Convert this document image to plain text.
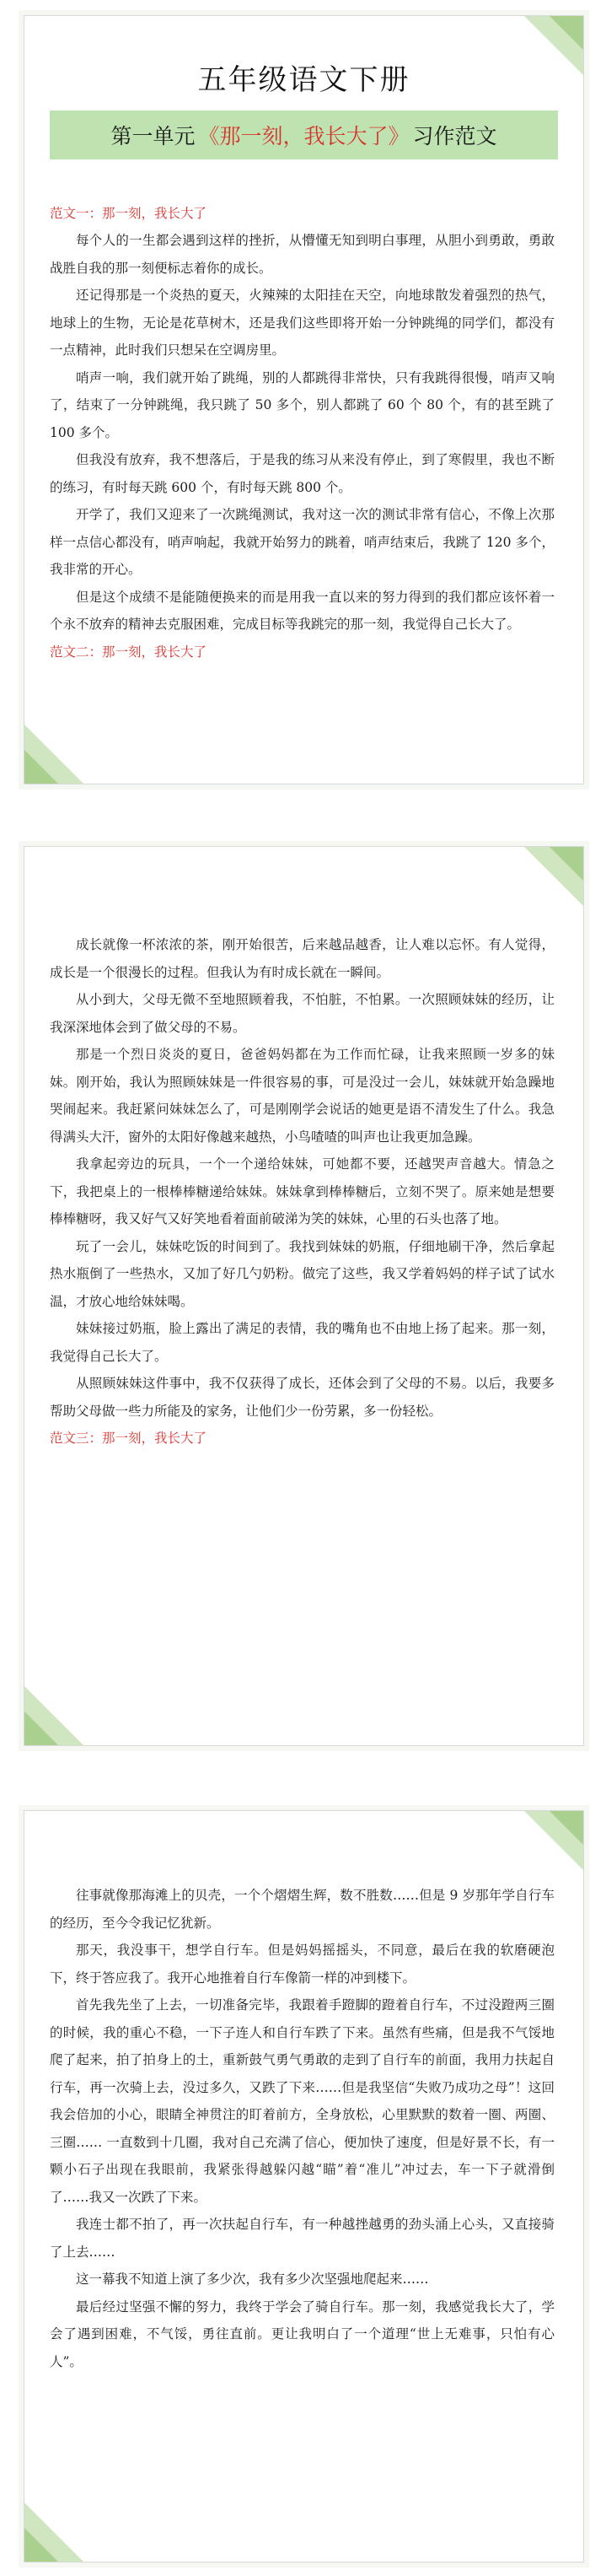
五年级语文下册
第一单元 《那一刻，我长大了》 习作范文

范文一：那一刻，我长大了

每个人的一生都会遇到这样的挫折，从懵懂无知到明白事理，从胆小到勇敢，勇敢战胜自我的那一刻便标志着你的成长。

还记得那是一个炎热的夏天，火辣辣的太阳挂在天空，向地球散发着强烈的热气，地球上的生物，无论是花草树木，还是我们这些即将开始一分钟跳绳的同学们，都没有一点精神，此时我们只想呆在空调房里。

哨声一响，我们就开始了跳绳，别的人都跳得非常快，只有我跳得很慢，哨声又响了，结束了一分钟跳绳，我只跳了 50 多个，别人都跳了 60 个 80 个，有的甚至跳了 100 多个。

但我没有放弃，我不想落后，于是我的练习从来没有停止，到了寒假里，我也不断的练习，有时每天跳 600 个，有时每天跳 800 个。

开学了，我们又迎来了一次跳绳测试，我对这一次的测试非常有信心，不像上次那样一点信心都没有，哨声响起，我就开始努力的跳着，哨声结束后，我跳了 120 多个，我非常的开心。

但是这个成绩不是能随便换来的而是用我一直以来的努力得到的我们都应该怀着一个永不放弃的精神去克服困难，完成目标等我跳完的那一刻，我觉得自己长大了。

范文二：那一刻，我长大了

成长就像一杯浓浓的茶，刚开始很苦，后来越品越香，让人难以忘怀。有人觉得，成长是一个很漫长的过程。但我认为有时成长就在一瞬间。

从小到大，父母无微不至地照顾着我，不怕脏，不怕累。一次照顾妹妹的经历，让我深深地体会到了做父母的不易。

那是一个烈日炎炎的夏日，爸爸妈妈都在为工作而忙碌，让我来照顾一岁多的妹妹。刚开始，我认为照顾妹妹是一件很容易的事，可是没过一会儿，妹妹就开始急躁地哭闹起来。我赶紧问妹妹怎么了，可是刚刚学会说话的她更是语不清发生了什么。我急得满头大汗，窗外的太阳好像越来越热，小鸟喳喳的叫声也让我更加急躁。

我拿起旁边的玩具，一个一个递给妹妹，可她都不要，还越哭声音越大。情急之下，我把桌上的一根棒棒糖递给妹妹。妹妹拿到棒棒糖后，立刻不哭了。原来她是想要棒棒糖呀，我又好气又好笑地看着面前破涕为笑的妹妹，心里的石头也落了地。

玩了一会儿，妹妹吃饭的时间到了。我找到妹妹的奶瓶，仔细地刷干净，然后拿起热水瓶倒了一些热水，又加了好几勺奶粉。做完了这些，我又学着妈妈的样子试了试水温，才放心地给妹妹喝。

妹妹接过奶瓶，脸上露出了满足的表情，我的嘴角也不由地上扬了起来。那一刻，我觉得自己长大了。

从照顾妹妹这件事中，我不仅获得了成长，还体会到了父母的不易。以后，我要多帮助父母做一些力所能及的家务，让他们少一份劳累，多一份轻松。

范文三：那一刻，我长大了

往事就像那海滩上的贝壳，一个个熠熠生辉，数不胜数……但是 9 岁那年学自行车的经历，至今令我记忆犹新。

那天，我没事干，想学自行车。但是妈妈摇摇头，不同意，最后在我的软磨硬泡下，终于答应我了。我开心地推着自行车像箭一样的冲到楼下。

首先我先坐了上去，一切准备完毕，我跟着手蹬脚的蹬着自行车，不过没蹬两三圈的时候，我的重心不稳，一下子连人和自行车跌了下来。虽然有些痛，但是我不气馁地爬了起来，拍了拍身上的土，重新鼓气勇气勇敢的走到了自行车的前面，我用力扶起自行车，再一次骑上去，没过多久，又跌了下来……但是我坚信“失败乃成功之母”！这回我会倍加的小心，眼睛全神贯注的盯着前方，全身放松，心里默默的数着一圈、两圈、三圈…… 一直数到十几圈，我对自己充满了信心，便加快了速度，但是好景不长，有一颗小石子出现在我眼前，我紧张得越躲闪越“瞄”着“准儿”冲过去，车一下子就滑倒了……我又一次跌了下来。

我连士都不拍了，再一次扶起自行车，有一种越挫越勇的劲头涌上心头，又直接骑了上去……

这一幕我不知道上演了多少次，我有多少次坚强地爬起来……

最后经过坚强不懈的努力，我终于学会了骑自行车。那一刻，我感觉我长大了，学会了遇到困难，不气馁，勇往直前。更让我明白了一个道理“世上无难事，只怕有心人”。
